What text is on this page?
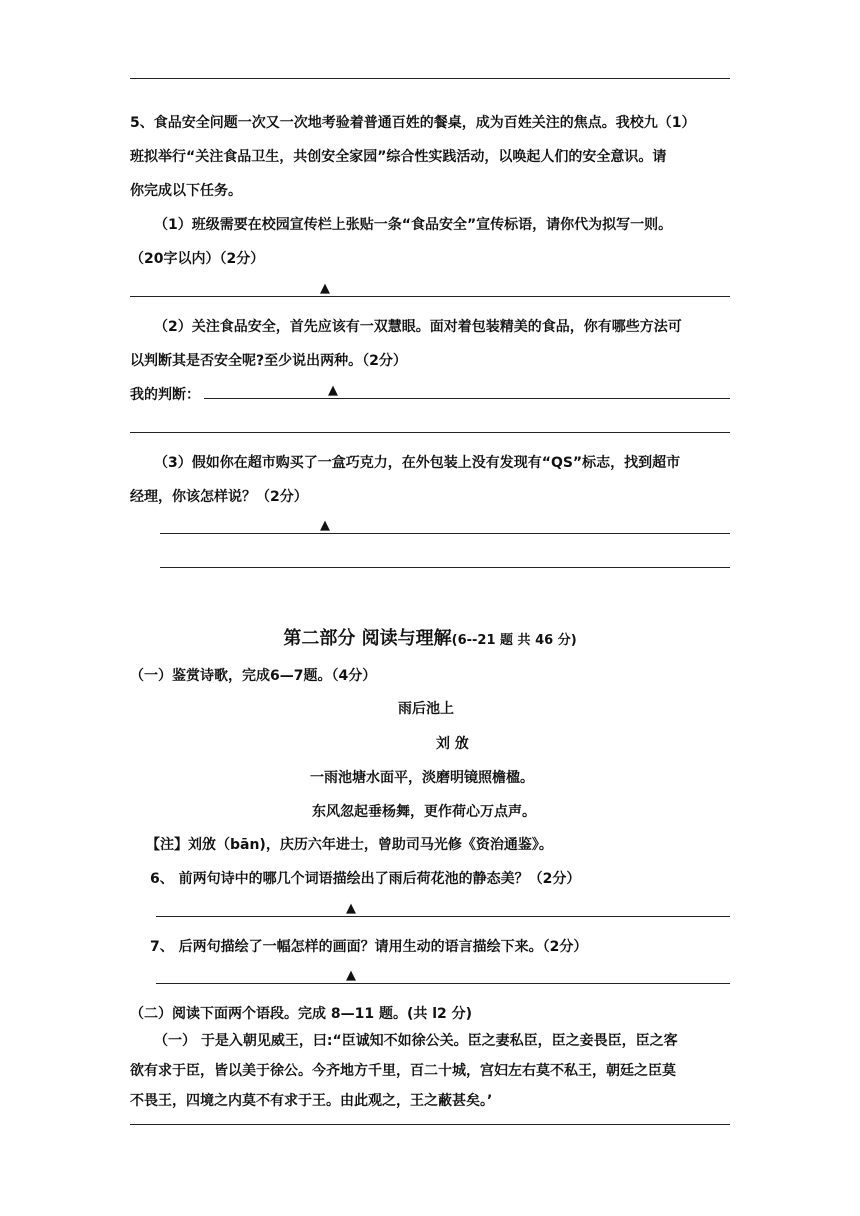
5、食品安全问题一次又一次地考验着普通百姓的餐桌，成为百姓关注的焦点。我校九（1）
班拟举行“关注食品卫生，共创安全家园”综合性实践活动，以唤起人们的安全意识。请
你完成以下任务。
（1）班级需要在校园宣传栏上张贴一条“食品安全”宣传标语，请你代为拟写一则。
（20字以内）（2分）
▲
（2）关注食品安全，首先应该有一双慧眼。面对着包装精美的食品，你有哪些方法可
以判断其是否安全呢?至少说出两种。（2分）
我的判断：	▲
（3）假如你在超市购买了一盒巧克力，在外包装上没有发现有“QS”标志，找到超市
经理，你该怎样说？（2分）
▲
第二部分 阅读与理解(6--21 题 共 46 分)
（一）鉴赏诗歌，完成6—7题。（4分）
雨后池上
刘 攽
一雨池塘水面平，淡磨明镜照檐楹。
东风忽起垂杨舞，更作荷心万点声。
【注】刘攽（bān)，庆历六年进士，曾助司马光修《资治通鉴》。
6、 前两句诗中的哪几个词语描绘出了雨后荷花池的静态美？（2分）
▲
7、 后两句描绘了一幅怎样的画面？请用生动的语言描绘下来。（2分）
▲
（二）阅读下面两个语段。完成 8—11 题。(共 l2 分)
（一） 于是入朝见威王，曰:“臣诚知不如徐公关。臣之妻私臣，臣之妾畏臣，臣之客
欲有求于臣，皆以美于徐公。今齐地方千里，百二十城，宫妇左右莫不私王，朝廷之臣莫
不畏王，四境之内莫不有求于王。由此观之，王之蔽甚矣。’
